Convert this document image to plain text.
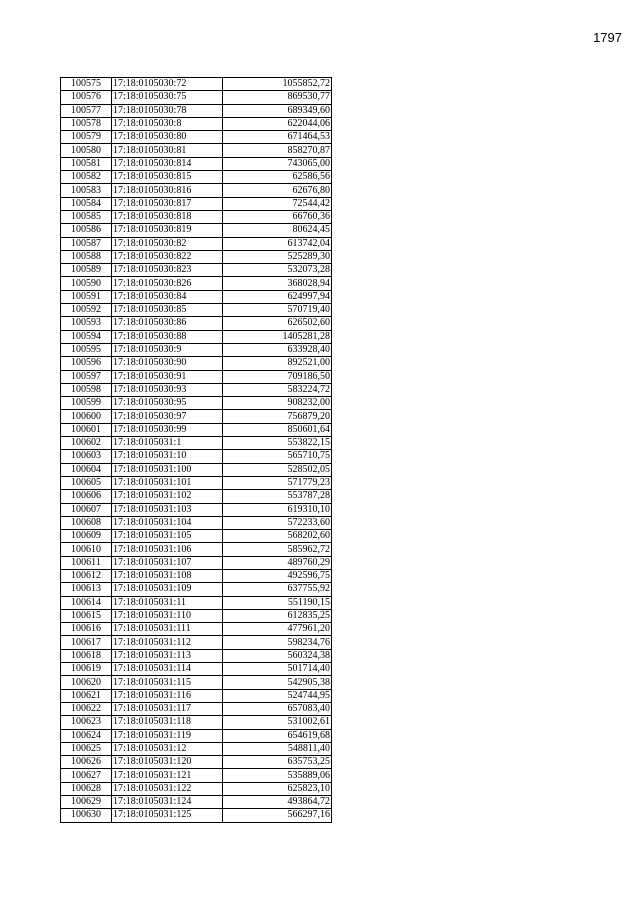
1797
100575	17:18:0105030:72	1055852,72
100576	17:18:0105030:75	869530,77
100577	17:18:0105030:78	689349,60
100578	17:18:0105030:8	622044,06
100579	17:18:0105030:80	671464,53
100580	17:18:0105030:81	858270,87
100581	17:18:0105030:814	743065,00
100582	17:18:0105030:815	62586,56
100583	17:18:0105030:816	62676,80
100584	17:18:0105030:817	72544,42
100585	17:18:0105030:818	66760,36
100586	17:18:0105030:819	80624,45
100587	17:18:0105030:82	613742,04
100588	17:18:0105030:822	525289,30
100589	17:18:0105030:823	532073,28
100590	17:18:0105030:826	368028,94
100591	17:18:0105030:84	624997,94
100592	17:18:0105030:85	570719,40
100593	17:18:0105030:86	626502,60
100594	17:18:0105030:88	1405281,28
100595	17:18:0105030:9	633928,40
100596	17:18:0105030:90	892521,00
100597	17:18:0105030:91	709186,50
100598	17:18:0105030:93	583224,72
100599	17:18:0105030:95	908232,00
100600	17:18:0105030:97	756879,20
100601	17:18:0105030:99	850601,64
100602	17:18:0105031:1	553822,15
100603	17:18:0105031:10	565710,75
100604	17:18:0105031:100	528502,05
100605	17:18:0105031:101	571779,23
100606	17:18:0105031:102	553787,28
100607	17:18:0105031:103	619310,10
100608	17:18:0105031:104	572233,60
100609	17:18:0105031:105	568202,60
100610	17:18:0105031:106	585962,72
100611	17:18:0105031:107	489760,29
100612	17:18:0105031:108	492596,75
100613	17:18:0105031:109	637755,92
100614	17:18:0105031:11	551190,15
100615	17:18:0105031:110	612835,25
100616	17:18:0105031:111	477961,20
100617	17:18:0105031:112	598234,76
100618	17:18:0105031:113	560324,38
100619	17:18:0105031:114	501714,40
100620	17:18:0105031:115	542905,38
100621	17:18:0105031:116	524744,95
100622	17:18:0105031:117	657083,40
100623	17:18:0105031:118	531002,61
100624	17:18:0105031:119	654619,68
100625	17:18:0105031:12	548811,40
100626	17:18:0105031:120	635753,25
100627	17:18:0105031:121	535889,06
100628	17:18:0105031:122	625823,10
100629	17:18:0105031:124	493864,72
100630	17:18:0105031:125	566297,16
